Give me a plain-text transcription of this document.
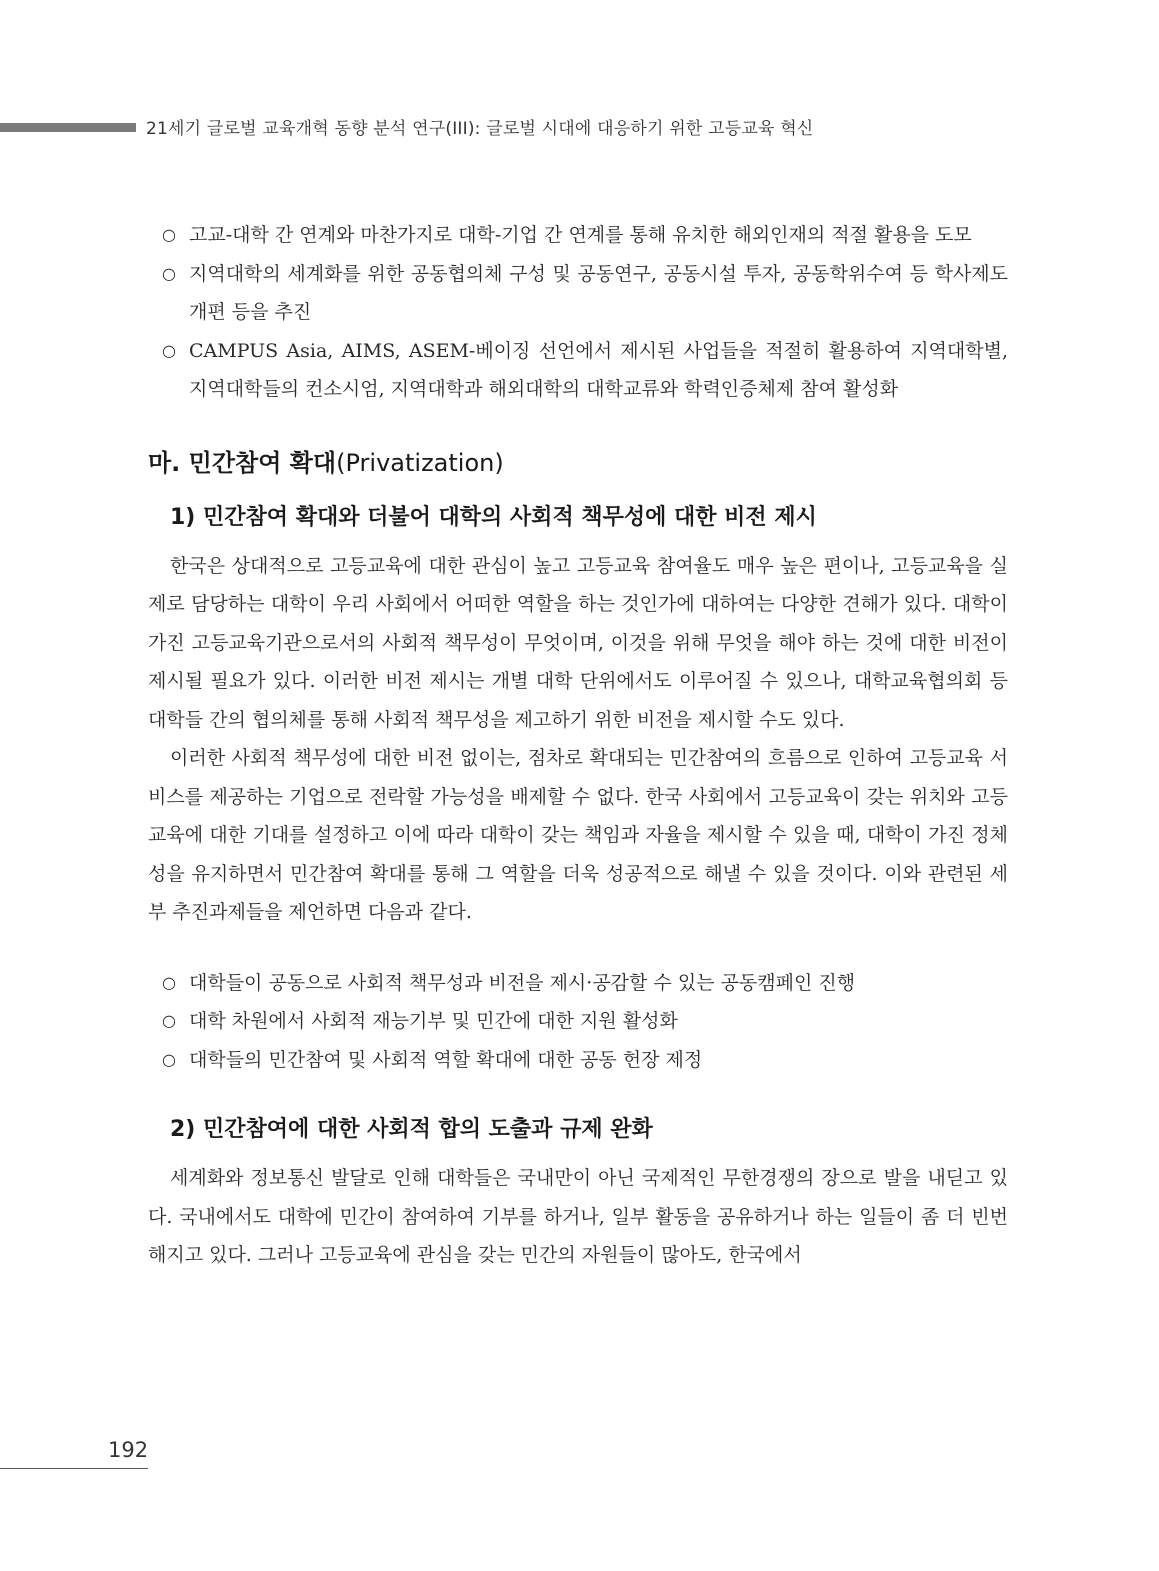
21세기 글로벌 교육개혁 동향 분석 연구(III): 글로벌 시대에 대응하기 위한 고등교육 혁신
○ 고교-대학 간 연계와 마찬가지로 대학-기업 간 연계를 통해 유치한 해외인재의 적절 활용을 도모
○ 지역대학의 세계화를 위한 공동협의체 구성 및 공동연구, 공동시설 투자, 공동학위수여 등 학사제도 개편 등을 추진
○ CAMPUS Asia, AIMS, ASEM-베이징 선언에서 제시된 사업들을 적절히 활용하여 지역대학별, 지역대학들의 컨소시엄, 지역대학과 해외대학의 대학교류와 학력인증체제 참여 활성화
마. 민간참여 확대(Privatization)
1) 민간참여 확대와 더불어 대학의 사회적 책무성에 대한 비전 제시

한국은 상대적으로 고등교육에 대한 관심이 높고 고등교육 참여율도 매우 높은 편이나, 고등교육을 실제로 담당하는 대학이 우리 사회에서 어떠한 역할을 하는 것인가에 대하여는 다양한 견해가 있다. 대학이 가진 고등교육기관으로서의 사회적 책무성이 무엇이며, 이것을 위해 무엇을 해야 하는 것에 대한 비전이 제시될 필요가 있다. 이러한 비전 제시는 개별 대학 단위에서도 이루어질 수 있으나, 대학교육협의회 등 대학들 간의 협의체를 통해 사회적 책무성을 제고하기 위한 비전을 제시할 수도 있다.

이러한 사회적 책무성에 대한 비전 없이는, 점차로 확대되는 민간참여의 흐름으로 인하여 고등교육 서비스를 제공하는 기업으로 전락할 가능성을 배제할 수 없다. 한국 사회에서 고등교육이 갖는 위치와 고등교육에 대한 기대를 설정하고 이에 따라 대학이 갖는 책임과 자율을 제시할 수 있을 때, 대학이 가진 정체성을 유지하면서 민간참여 확대를 통해 그 역할을 더욱 성공적으로 해낼 수 있을 것이다. 이와 관련된 세부 추진과제들을 제언하면 다음과 같다.

○ 대학들이 공동으로 사회적 책무성과 비전을 제시·공감할 수 있는 공동캠페인 진행
○ 대학 차원에서 사회적 재능기부 및 민간에 대한 지원 활성화
○ 대학들의 민간참여 및 사회적 역할 확대에 대한 공동 헌장 제정
2) 민간참여에 대한 사회적 합의 도출과 규제 완화

세계화와 정보통신 발달로 인해 대학들은 국내만이 아닌 국제적인 무한경쟁의 장으로 발을 내딛고 있다. 국내에서도 대학에 민간이 참여하여 기부를 하거나, 일부 활동을 공유하거나 하는 일들이 좀 더 빈번해지고 있다. 그러나 고등교육에 관심을 갖는 민간의 자원들이 많아도, 한국에서

192
